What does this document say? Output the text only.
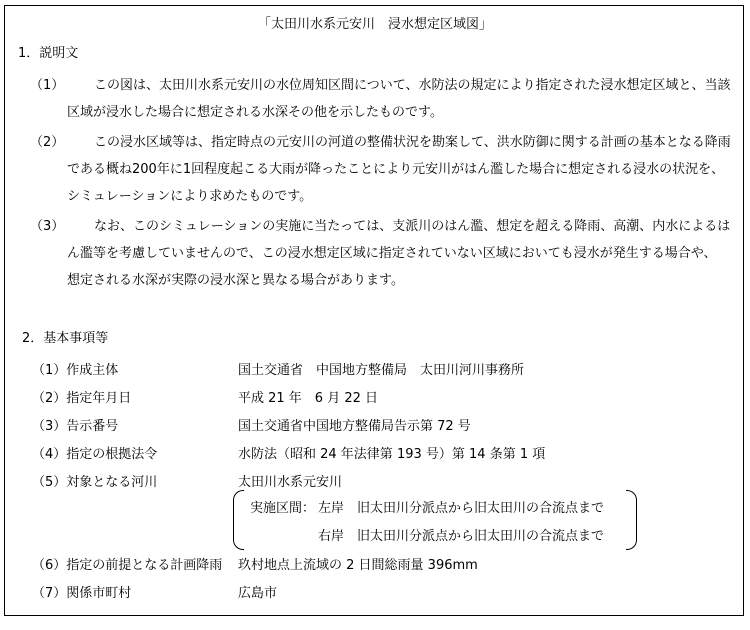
「太田川水系元安川　浸水想定区域図」
1．説明文
（1）	この図は、太田川水系元安川の水位周知区間について、水防法の規定により指定された浸水想定区域と、当該
区域が浸水した場合に想定される水深その他を示したものです。
（2）	この浸水区域等は、指定時点の元安川の河道の整備状況を勘案して、洪水防御に関する計画の基本となる降雨
である概ね200年に1回程度起こる大雨が降ったことにより元安川がはん濫した場合に想定される浸水の状況を、
シミュレーションにより求めたものです。
（3）	なお、このシミュレーションの実施に当たっては、支派川のはん濫、想定を超える降雨、高潮、内水によるは
ん濫等を考慮していませんので、この浸水想定区域に指定されていない区域においても浸水が発生する場合や、
想定される水深が実際の浸水深と異なる場合があります。
2．基本事項等
（1）作成主体	国土交通省　中国地方整備局　太田川河川事務所
（2）指定年月日	平成 21 年　6 月 22 日
（3）告示番号	国土交通省中国地方整備局告示第 72 号
（4）指定の根拠法令	水防法（昭和 24 年法律第 193 号）第 14 条第 1 項
（5）対象となる河川	太田川水系元安川
実施区間： 左岸　旧太田川分派点から旧太田川の合流点まで
右岸　旧太田川分派点から旧太田川の合流点まで
（6）指定の前提となる計画降雨 玖村地点上流域の 2 日間総雨量 396mm
（7）関係市町村	広島市
